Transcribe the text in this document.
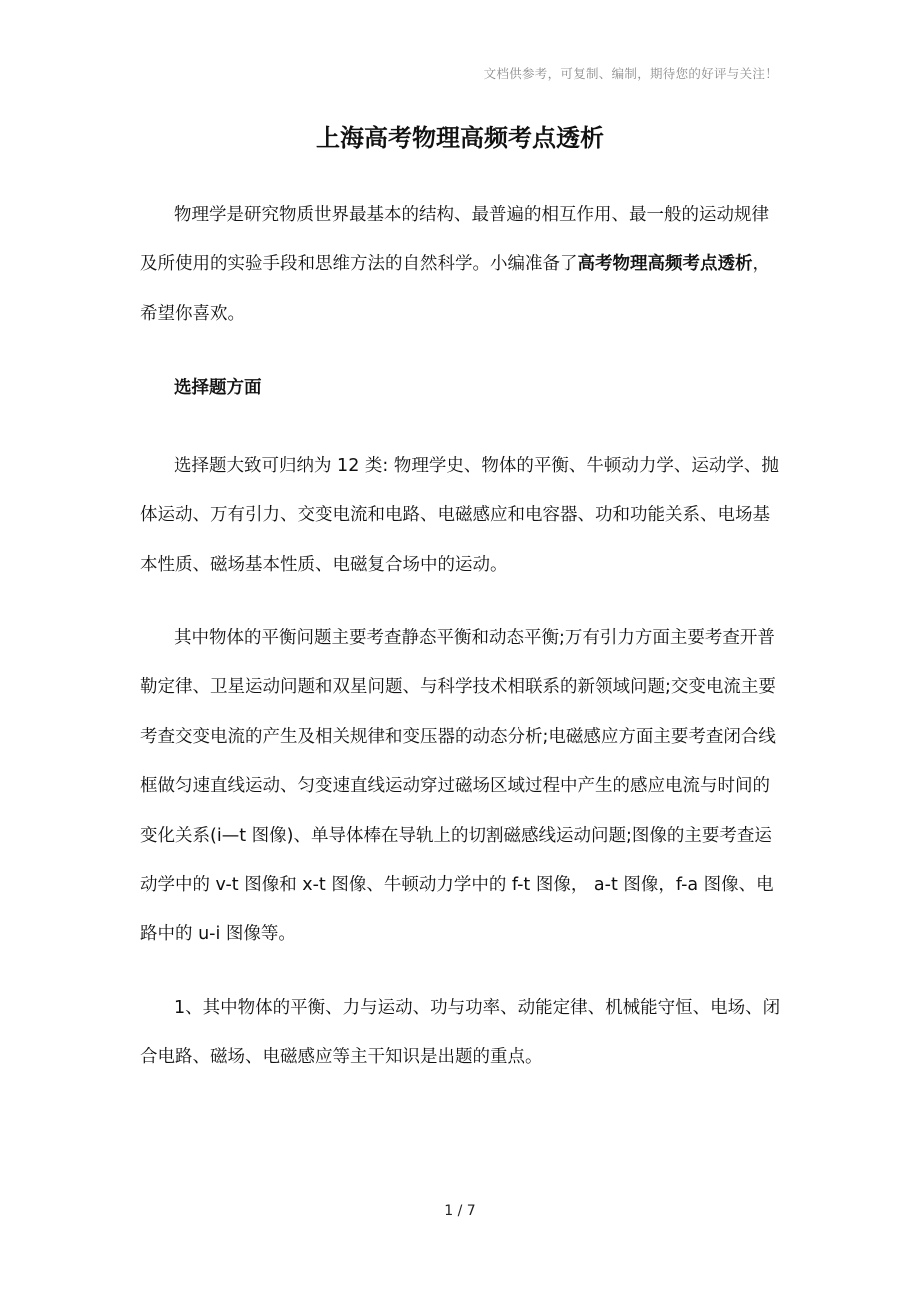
文档供参考，可复制、编制，期待您的好评与关注！
上海高考物理高频考点透析

物理学是研究物质世界最基本的结构、最普遍的相互作用、最一般的运动规律及所使用的实验手段和思维方法的自然科学。小编准备了高考物理高频考点透析，希望你喜欢。

选择题方面

选择题大致可归纳为 12 类: 物理学史、物体的平衡、牛顿动力学、运动学、抛体运动、万有引力、交变电流和电路、电磁感应和电容器、功和功能关系、电场基本性质、磁场基本性质、电磁复合场中的运动。

其中物体的平衡问题主要考查静态平衡和动态平衡;万有引力方面主要考查开普勒定律、卫星运动问题和双星问题、与科学技术相联系的新领域问题;交变电流主要考查交变电流的产生及相关规律和变压器的动态分析;电磁感应方面主要考查闭合线框做匀速直线运动、匀变速直线运动穿过磁场区域过程中产生的感应电流与时间的变化关系(i—t 图像)、单导体棒在导轨上的切割磁感线运动问题;图像的主要考查运动学中的 v-t 图像和 x-t 图像、牛顿动力学中的 f-t 图像， a-t 图像，f-a 图像、电路中的 u-i 图像等。

1、其中物体的平衡、力与运动、功与功率、动能定律、机械能守恒、电场、闭合电路、磁场、电磁感应等主干知识是出题的重点。

1 / 7
